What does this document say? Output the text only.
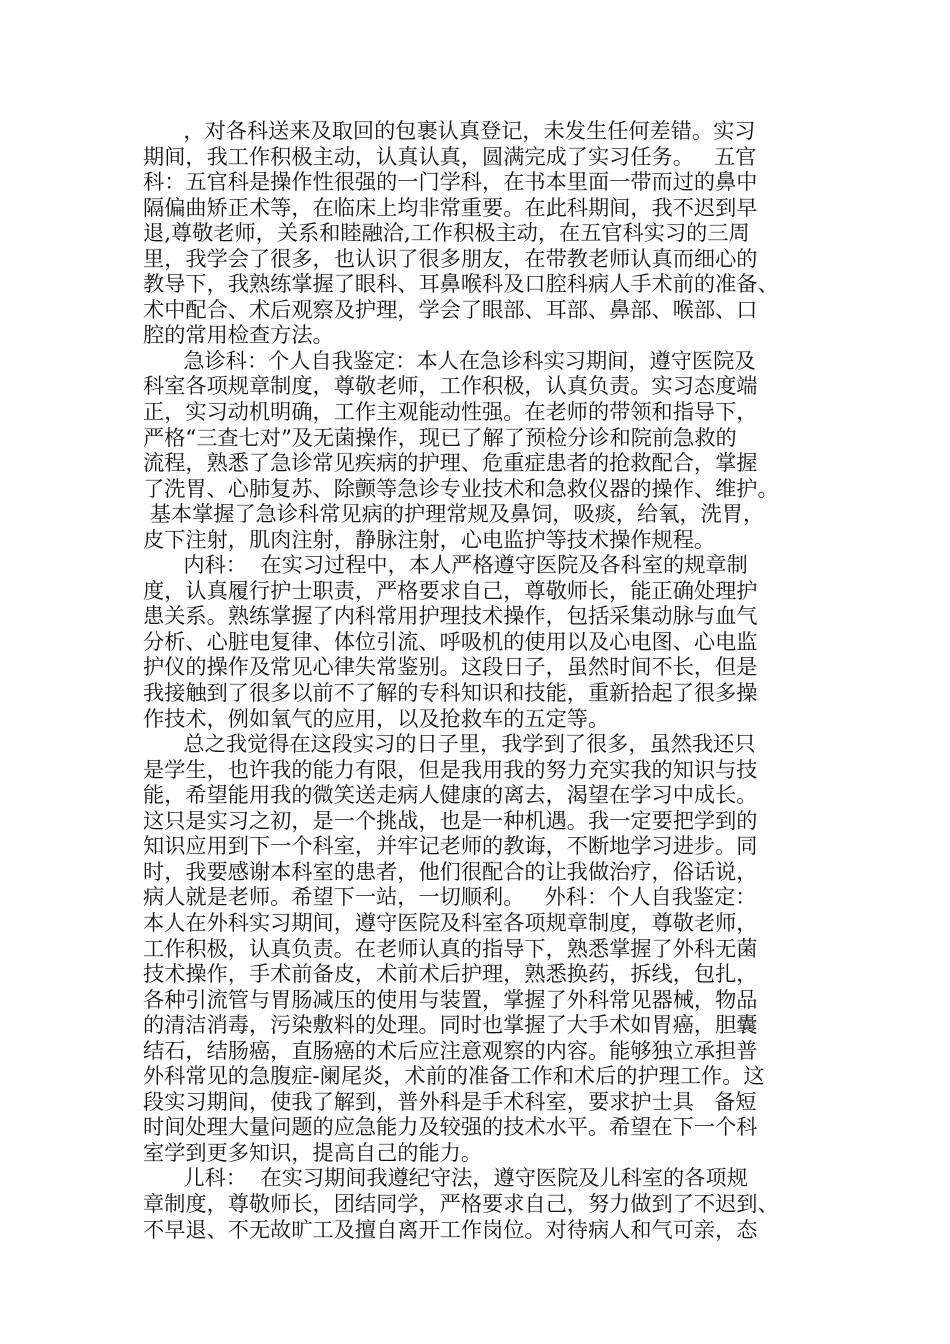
，对各科送来及取回的包裹认真登记，未发生任何差错。实习
期间，我工作积极主动，认真认真，圆满完成了实习任务。   五官
科：五官科是操作性很强的一门学科，在书本里面一带而过的鼻中
隔偏曲矫正术等，在临床上均非常重要。在此科期间，我不迟到早
退,尊敬老师，关系和睦融洽,工作积极主动，在五官科实习的三周
里，我学会了很多，也认识了很多朋友，在带教老师认真而细心的
教导下，我熟练掌握了眼科、耳鼻喉科及口腔科病人手术前的准备、
术中配合、术后观察及护理，学会了眼部、耳部、鼻部、喉部、口
腔的常用检查方法。
急诊科：个人自我鉴定：本人在急诊科实习期间，遵守医院及
科室各项规章制度，尊敬老师，工作积极，认真负责。实习态度端
正，实习动机明确，工作主观能动性强。在老师的带领和指导下，
严格“三查七对”及无菌操作，现已了解了预检分诊和院前急救的
流程，熟悉了急诊常见疾病的护理、危重症患者的抢救配合，掌握
了洗胃、心肺复苏、除颤等急诊专业技术和急救仪器的操作、维护。
基本掌握了急诊科常见病的护理常规及鼻饲，吸痰，给氧，洗胃，
皮下注射，肌肉注射，静脉注射，心电监护等技术操作规程。
内科：  在实习过程中，本人严格遵守医院及各科室的规章制
度，认真履行护士职责，严格要求自己，尊敬师长，能正确处理护
患关系。熟练掌握了内科常用护理技术操作，包括采集动脉与血气
分析、心脏电复律、体位引流、呼吸机的使用以及心电图、心电监
护仪的操作及常见心律失常鉴别。这段日子，虽然时间不长，但是
我接触到了很多以前不了解的专科知识和技能，重新拾起了很多操
作技术，例如氧气的应用，以及抢救车的五定等。
总之我觉得在这段实习的日子里，我学到了很多，虽然我还只
是学生，也许我的能力有限，但是我用我的努力充实我的知识与技
能，希望能用我的微笑送走病人健康的离去，渴望在学习中成长。
这只是实习之初，是一个挑战，也是一种机遇。我一定要把学到的
知识应用到下一个科室，并牢记老师的教诲，不断地学习进步。同
时，我要感谢本科室的患者，他们很配合的让我做治疗，俗话说，
病人就是老师。希望下一站，一切顺利。   外科：个人自我鉴定：
本人在外科实习期间，遵守医院及科室各项规章制度，尊敬老师，
工作积极，认真负责。在老师认真的指导下，熟悉掌握了外科无菌
技术操作，手术前备皮，术前术后护理，熟悉换药，拆线，包扎，
各种引流管与胃肠减压的使用与装置，掌握了外科常见器械，物品
的清洁消毒，污染敷料的处理。同时也掌握了大手术如胃癌，胆囊
结石，结肠癌，直肠癌的术后应注意观察的内容。能够独立承担普
外科常见的急腹症-阑尾炎，术前的准备工作和术后的护理工作。这
段实习期间，使我了解到，普外科是手术科室，要求护士具   备短
时间处理大量问题的应急能力及较强的技术水平。希望在下一个科
室学到更多知识，提高自己的能力。
儿科：  在实习期间我遵纪守法，遵守医院及儿科室的各项规
章制度，尊敬师长，团结同学，严格要求自己，努力做到了不迟到、
不早退、不无故旷工及擅自离开工作岗位。对待病人和气可亲，态
